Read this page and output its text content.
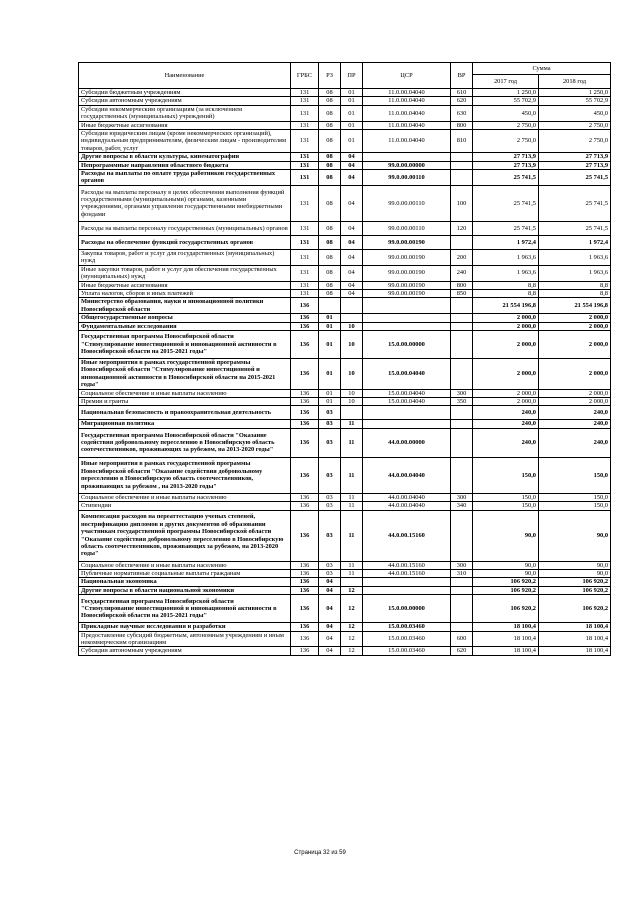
Наименование	ГРБС	РЗ	ПР	ЦСР	ВР	Сумма	
						2017 год	2018 год
Субсидии бюджетным учреждениям	131	08	01	11.0.00.04040	610	1 250,0	1 250,0
Субсидии автономным учреждениям	131	08	01	11.0.00.04040	620	55 702,9	55 702,9
Субсидии некоммерческим организациям (за исключением государственных (муниципальных) учреждений)	131	08	01	11.0.00.04040	630	450,0	450,0
Иные бюджетные ассигнования	131	08	01	11.0.00.04040	800	2 750,0	2 750,0
Субсидии юридическим лицам (кроме некоммерческих организаций), индивидуальным предпринимателям, физическим лицам - производителям товаров, работ, услуг	131	08	01	11.0.00.04040	810	2 750,0	2 750,0
Другие вопросы в области культуры, кинематографии	131	08	04			27 713,9	27 713,9
Непрограммные направления областного бюджета	131	08	04	99.0.00.00000		27 713,9	27 713,9
Расходы на выплаты по оплате труда работников государственных органов	131	08	04	99.0.00.00110		25 741,5	25 741,5
Расходы на выплаты персоналу в целях обеспечения выполнения функций государственными (муниципальными) органами, казенными учреждениями, органами управления государственными внебюджетными фондами	131	08	04	99.0.00.00110	100	25 741,5	25 741,5
Расходы на выплаты персоналу государственных (муниципальных) органов	131	08	04	99.0.00.00110	120	25 741,5	25 741,5
Расходы на обеспечение функций государственных органов	131	08	04	99.0.00.00190		1 972,4	1 972,4
Закупка товаров, работ и услуг для государственных (муниципальных) нужд	131	08	04	99.0.00.00190	200	1 963,6	1 963,6
Иные закупки товаров, работ и услуг для обеспечения государственных (муниципальных) нужд	131	08	04	99.0.00.00190	240	1 963,6	1 963,6
Иные бюджетные ассигнования	131	08	04	99.0.00.00190	800	8,8	8,8
Уплата налогов, сборов и иных платежей	131	08	04	99.0.00.00190	850	8,8	8,8
Министерство образования, науки и инновационной политики Новосибирской области	136					21 554 196,8	21 554 196,8
Общегосударственные вопросы	136	01				2 000,0	2 000,0
Фундаментальные исследования	136	01	10			2 000,0	2 000,0
Государственная программа Новосибирской области "Стимулирование инвестиционной и инновационной активности в Новосибирской области на 2015-2021 годы"	136	01	10	15.0.00.00000		2 000,0	2 000,0
Иные мероприятия в рамках государственной программы Новосибирской области "Стимулирование инвестиционной и инновационной активности в Новосибирской области на 2015-2021 годы"	136	01	10	15.0.00.04040		2 000,0	2 000,0
Социальное обеспечение и иные выплаты населению	136	01	10	15.0.00.04040	300	2 000,0	2 000,0
Премии и гранты	136	01	10	15.0.00.04040	350	2 000,0	2 000,0
Национальная безопасность и правоохранительная деятельность	136	03				240,0	240,0
Миграционная политика	136	03	11			240,0	240,0
Государственная программа Новосибирской области "Оказание содействия добровольному переселению в Новосибирскую область соотечественников, проживающих за рубежом, на 2013-2020 годы"	136	03	11	44.0.00.00000		240,0	240,0
Иные мероприятия в рамках государственной программы Новосибирской области "Оказание содействия добровольному переселению в Новосибирскую область соотечественников, проживающих за рубежом , на 2013-2020 годы"	136	03	11	44.0.00.04040		150,0	150,0
Социальное обеспечение и иные выплаты населению	136	03	11	44.0.00.04040	300	150,0	150,0
Стипендии	136	03	11	44.0.00.04040	340	150,0	150,0
Компенсация расходов на переаттестацию ученых степеней, нострификацию дипломов и других документов об образовании участникам государственной программы Новосибирской области "Оказание содействия добровольному переселению в Новосибирскую область соотечественников, проживающих за рубежом, на 2013-2020 годы"	136	03	11	44.0.00.15160		90,0	90,0
Социальное обеспечение и иные выплаты населению	136	03	11	44.0.00.15160	300	90,0	90,0
Публичные нормативные социальные выплаты гражданам	136	03	11	44.0.00.15160	310	90,0	90,0
Национальная экономика	136	04				106 920,2	106 920,2
Другие вопросы в области национальной экономики	136	04	12			106 920,2	106 920,2
Государственная программа Новосибирской области "Стимулирование инвестиционной и инновационной активности в Новосибирской области на 2015-2021 годы"	136	04	12	15.0.00.00000		106 920,2	106 920,2
Прикладные научные исследования и разработки	136	04	12	15.0.00.03460		18 100,4	18 100,4
Предоставление субсидий бюджетным, автономным учреждениям и иным некоммерческим организациям	136	04	12	15.0.00.03460	600	18 100,4	18 100,4
Субсидии автономным учреждениям	136	04	12	15.0.00.03460	620	18 100,4	18 100,4
Страница 32 из 59
